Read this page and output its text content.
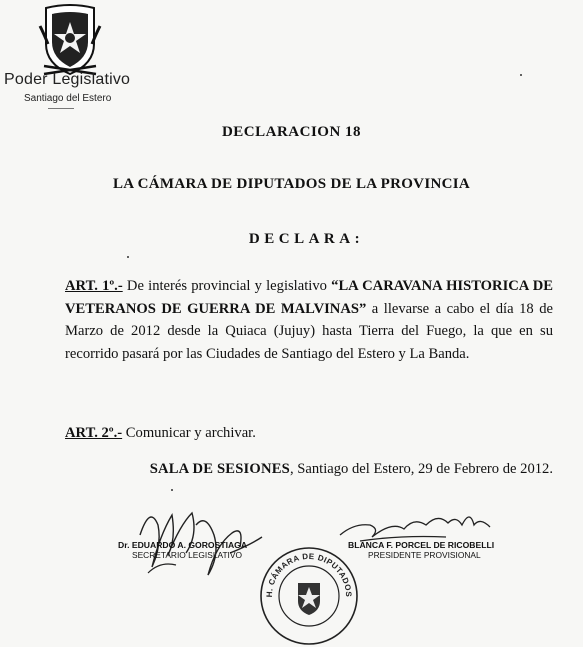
Poder Legislativo
Santiago del Estero
DECLARACION 18
LA CÁMARA DE DIPUTADOS DE LA PROVINCIA
DECLARA:
ART. 1º.- De interés provincial y legislativo “LA CARAVANA HISTORICA DE VETERANOS DE GUERRA DE MALVINAS” a llevarse a cabo el día 18 de Marzo de 2012 desde la Quiaca (Jujuy) hasta Tierra del Fuego, la que en su recorrido pasará por las Ciudades de Santiago del Estero y La Banda.
ART. 2º.- Comunicar y archivar.
SALA DE SESIONES, Santiago del Estero, 29 de Febrero de 2012.
Dr. EDUARDO A. GOROSTIAGA
SECRETARIO LEGISLATIVO
BLANCA F. PORCEL DE RICOBELLI
PRESIDENTE PROVISIONAL
H. CÁMARA DE DIPUTADOS
